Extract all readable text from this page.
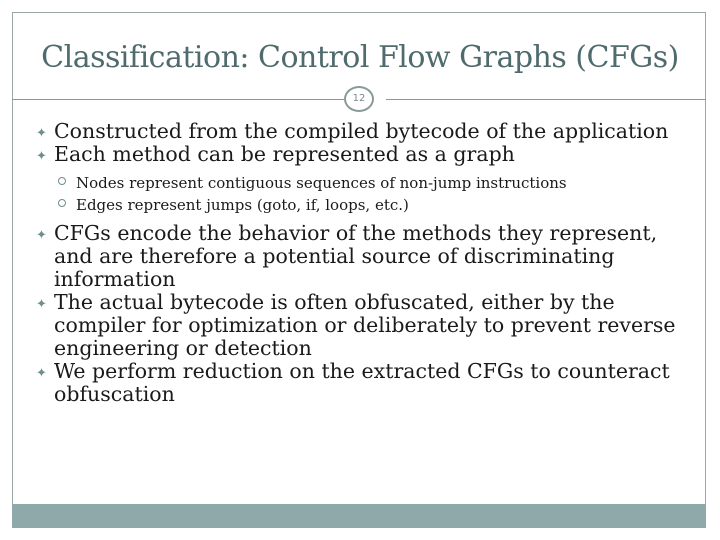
Classification: Control Flow Graphs (CFGs)
12

✦ Constructed from the compiled bytecode of the application

✦ Each method can be represented as a graph

Nodes represent contiguous sequences of non-jump instructions

Edges represent jumps (goto, if, loops, etc.)

✦ CFGs encode the behavior of the methods they represent, and are therefore a potential source of discriminating information

✦ The actual bytecode is often obfuscated, either by the compiler for optimization or deliberately to prevent reverse engineering or detection

✦ We perform reduction on the extracted CFGs to counteract obfuscation
